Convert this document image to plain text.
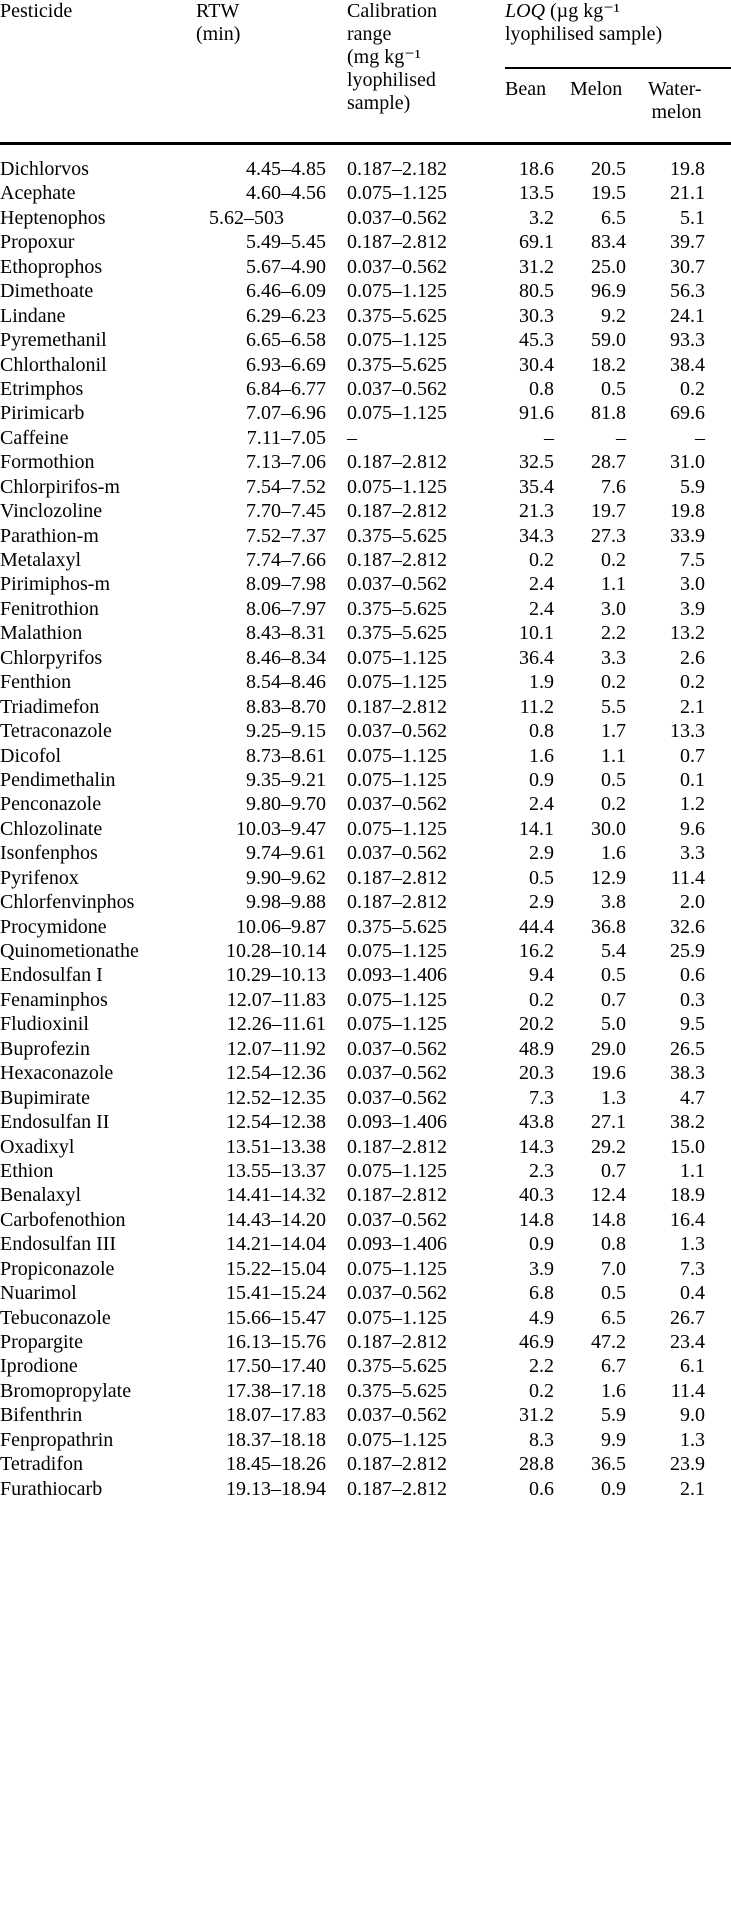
Pesticide	RTW
(min)
Calibration
range
(mg kg⁻¹
lyophilised
sample)
LOQ (µg kg⁻¹
lyophilised sample)
Bean Melon Water-
melon
Dichlorvos	4.45–4.85 0.187–2.182	18.6	20.5	19.8
Acephate	4.60–4.56 0.075–1.125	13.5	19.5	21.1
Heptenophos	5.62–503	0.037–0.562	3.2	6.5	5.1
Propoxur	5.49–5.45 0.187–2.812	69.1	83.4	39.7
Ethoprophos	5.67–4.90 0.037–0.562	31.2	25.0	30.7
Dimethoate	6.46–6.09 0.075–1.125	80.5	96.9	56.3
Lindane	6.29–6.23 0.375–5.625	30.3	9.2	24.1
Pyremethanil	6.65–6.58 0.075–1.125	45.3	59.0	93.3
Chlorthalonil	6.93–6.69 0.375–5.625	30.4	18.2	38.4
Etrimphos	6.84–6.77 0.037–0.562	0.8	0.5	0.2
Pirimicarb	7.07–6.96 0.075–1.125	91.6	81.8	69.6
Caffeine	7.11–7.05 –	–	–	–
Formothion	7.13–7.06 0.187–2.812	32.5	28.7	31.0
Chlorpirifos-m	7.54–7.52 0.075–1.125	35.4	7.6	5.9
Vinclozoline	7.70–7.45 0.187–2.812	21.3	19.7	19.8
Parathion-m	7.52–7.37 0.375–5.625	34.3	27.3	33.9
Metalaxyl	7.74–7.66 0.187–2.812	0.2	0.2	7.5
Pirimiphos-m	8.09–7.98 0.037–0.562	2.4	1.1	3.0
Fenitrothion	8.06–7.97 0.375–5.625	2.4	3.0	3.9
Malathion	8.43–8.31 0.375–5.625	10.1	2.2	13.2
Chlorpyrifos	8.46–8.34 0.075–1.125	36.4	3.3	2.6
Fenthion	8.54–8.46 0.075–1.125	1.9	0.2	0.2
Triadimefon	8.83–8.70 0.187–2.812	11.2	5.5	2.1
Tetraconazole	9.25–9.15 0.037–0.562	0.8	1.7	13.3
Dicofol	8.73–8.61 0.075–1.125	1.6	1.1	0.7
Pendimethalin	9.35–9.21 0.075–1.125	0.9	0.5	0.1
Penconazole	9.80–9.70 0.037–0.562	2.4	0.2	1.2
Chlozolinate	10.03–9.47 0.075–1.125	14.1	30.0	9.6
Isonfenphos	9.74–9.61 0.037–0.562	2.9	1.6	3.3
Pyrifenox	9.90–9.62 0.187–2.812	0.5	12.9	11.4
Chlorfenvinphos	9.98–9.88 0.187–2.812	2.9	3.8	2.0
Procymidone	10.06–9.87 0.375–5.625	44.4	36.8	32.6
Quinometionathe	10.28–10.14 0.075–1.125	16.2	5.4	25.9
Endosulfan I	10.29–10.13 0.093–1.406	9.4	0.5	0.6
Fenaminphos	12.07–11.83 0.075–1.125	0.2	0.7	0.3
Fludioxinil	12.26–11.61 0.075–1.125	20.2	5.0	9.5
Buprofezin	12.07–11.92 0.037–0.562	48.9	29.0	26.5
Hexaconazole	12.54–12.36 0.037–0.562	20.3	19.6	38.3
Bupimirate	12.52–12.35 0.037–0.562	7.3	1.3	4.7
Endosulfan II	12.54–12.38 0.093–1.406	43.8	27.1	38.2
Oxadixyl	13.51–13.38 0.187–2.812	14.3	29.2	15.0
Ethion	13.55–13.37 0.075–1.125	2.3	0.7	1.1
Benalaxyl	14.41–14.32 0.187–2.812	40.3	12.4	18.9
Carbofenothion	14.43–14.20 0.037–0.562	14.8	14.8	16.4
Endosulfan III	14.21–14.04 0.093–1.406	0.9	0.8	1.3
Propiconazole	15.22–15.04 0.075–1.125	3.9	7.0	7.3
Nuarimol	15.41–15.24 0.037–0.562	6.8	0.5	0.4
Tebuconazole	15.66–15.47 0.075–1.125	4.9	6.5	26.7
Propargite	16.13–15.76 0.187–2.812	46.9	47.2	23.4
Iprodione	17.50–17.40 0.375–5.625	2.2	6.7	6.1
Bromopropylate	17.38–17.18 0.375–5.625	0.2	1.6	11.4
Bifenthrin	18.07–17.83 0.037–0.562	31.2	5.9	9.0
Fenpropathrin	18.37–18.18 0.075–1.125	8.3	9.9	1.3
Tetradifon	18.45–18.26 0.187–2.812	28.8	36.5	23.9
Furathiocarb	19.13–18.94 0.187–2.812	0.6	0.9	2.1
